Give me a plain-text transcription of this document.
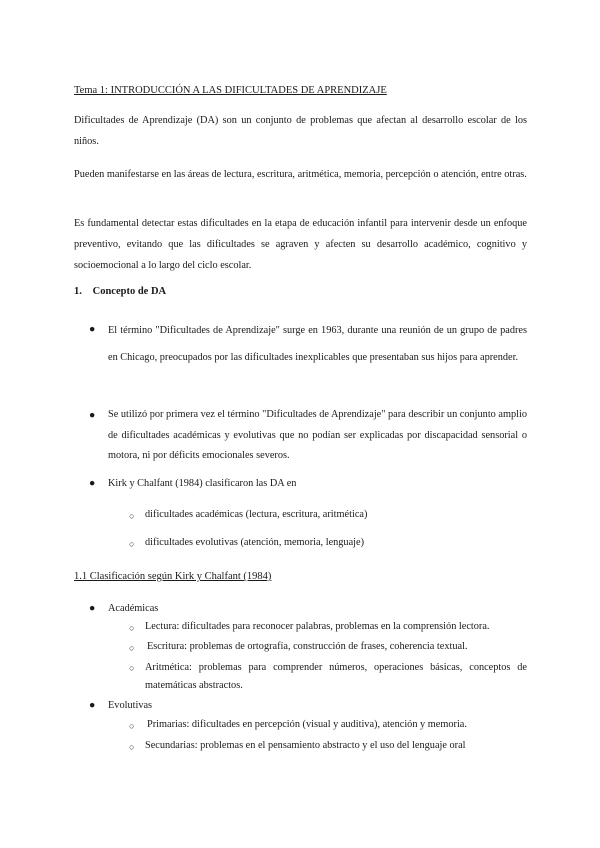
Tema 1: INTRODUCCIÓN A LAS DIFICULTADES DE APRENDIZAJE

Dificultades de Aprendizaje (DA) son un conjunto de problemas que afectan al desarrollo escolar de los niños.

Pueden manifestarse en las áreas de lectura, escritura, aritmética, memoria, percepción o atención, entre otras.

Es fundamental detectar estas dificultades en la etapa de educación infantil para intervenir desde un enfoque preventivo, evitando que las dificultades se agraven y afecten su desarrollo académico, cognitivo y socioemocional a lo largo del ciclo escolar.

1. Concepto de DA
● El término "Dificultades de Aprendizaje" surge en 1963, durante una reunión de un grupo de padres en Chicago, preocupados por las dificultades inexplicables que presentaban sus hijos para aprender.

● Se utilizó por primera vez el término "Dificultades de Aprendizaje" para describir un conjunto amplio de dificultades académicas y evolutivas que no podían ser explicadas por discapacidad sensorial o motora, ni por déficits emocionales severos.

● Kirk y Chalfant (1984) clasificaron las DA en

○ dificultades académicas (lectura, escritura, aritmética)

○ dificultades evolutivas (atención, memoria, lenguaje)

1.1 Clasificación según Kirk y Chalfant (1984)
● Académicas

○ Lectura: dificultades para reconocer palabras, problemas en la comprensión lectora.

○ Escritura: problemas de ortografía, construcción de frases, coherencia textual.

○ Aritmética: problemas para comprender números, operaciones básicas, conceptos de matemáticas abstractos.

● Evolutivas

○ Primarias: dificultades en percepción (visual y auditiva), atención y memoria.

○ Secundarias: problemas en el pensamiento abstracto y el uso del lenguaje oral
